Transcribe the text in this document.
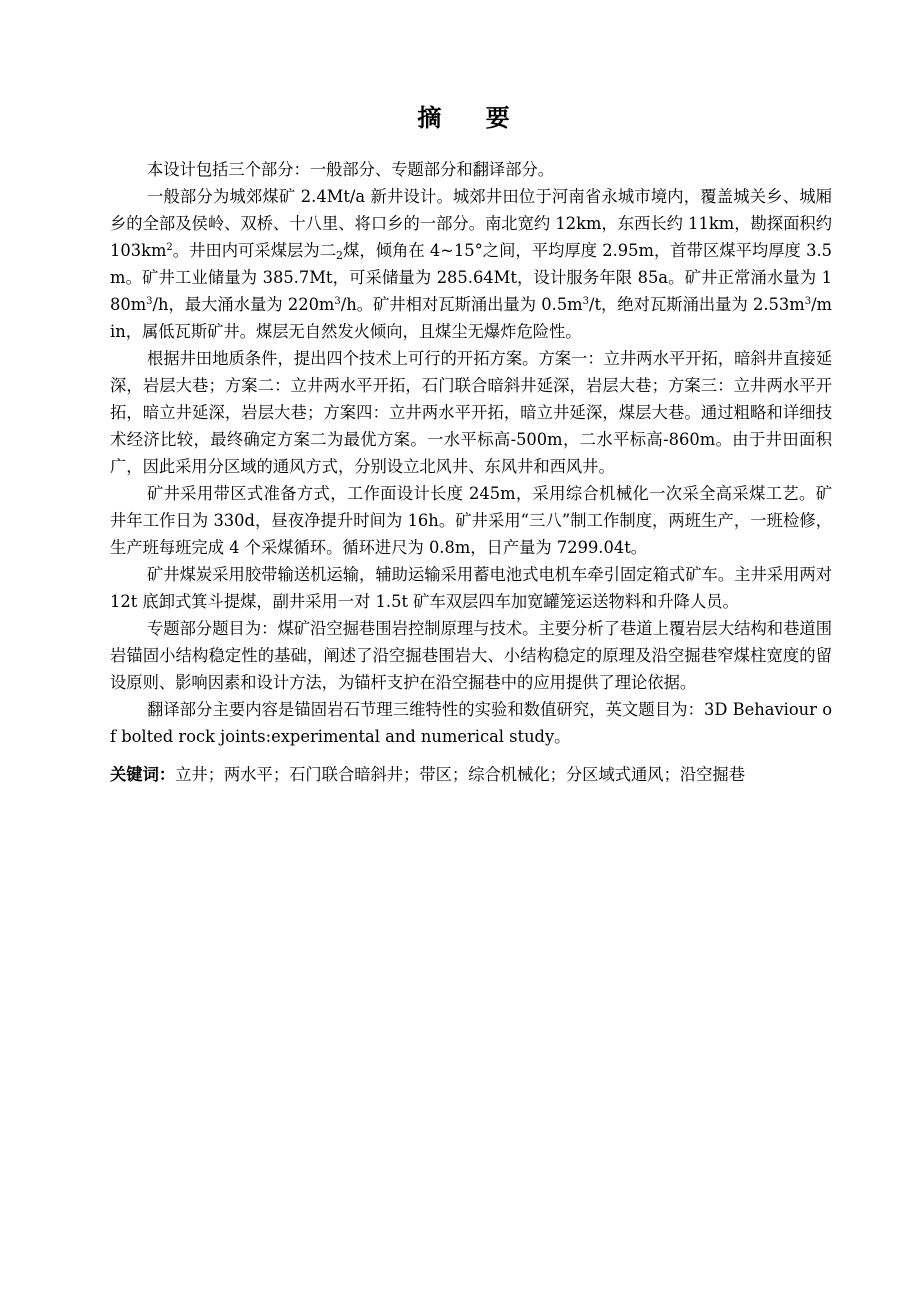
摘 要

本设计包括三个部分：一般部分、专题部分和翻译部分。

一般部分为城郊煤矿 2.4Mt/a 新井设计。城郊井田位于河南省永城市境内，覆盖城关乡、城厢乡的全部及侯岭、双桥、十八里、将口乡的一部分。南北宽约 12km，东西长约 11km，勘探面积约 $103km^2$。井田内可采煤层为二$_2$煤，倾角在 4~15°之间，平均厚度 2.95m，首带区煤平均厚度 3.5m。矿井工业储量为 385.7Mt，可采储量为 285.64Mt，设计服务年限 85a。矿井正常涌水量为 $180m^3/h$，最大涌水量为 $220m^3/h$。矿井相对瓦斯涌出量为 $0.5m^3/t$，绝对瓦斯涌出量为 $2.53m^3/\min$，属低瓦斯矿井。煤层无自然发火倾向，且煤尘无爆炸危险性。

根据井田地质条件，提出四个技术上可行的开拓方案。方案一：立井两水平开拓，暗斜井直接延深，岩层大巷；方案二：立井两水平开拓，石门联合暗斜井延深，岩层大巷；方案三：立井两水平开拓，暗立井延深，岩层大巷；方案四：立井两水平开拓，暗立井延深，煤层大巷。通过粗略和详细技术经济比较，最终确定方案二为最优方案。一水平标高-500m，二水平标高-860m。由于井田面积广，因此采用分区域的通风方式，分别设立北风井、东风井和西风井。

矿井采用带区式准备方式，工作面设计长度 245m，采用综合机械化一次采全高采煤工艺。矿井年工作日为 330d，昼夜净提升时间为 16h。矿井采用“三八”制工作制度，两班生产，一班检修，生产班每班完成 4 个采煤循环。循环进尺为 0.8m，日产量为 7299.04t。

矿井煤炭采用胶带输送机运输，辅助运输采用蓄电池式电机车牵引固定箱式矿车。主井采用两对 12t 底卸式箕斗提煤，副井采用一对 1.5t 矿车双层四车加宽罐笼运送物料和升降人员。

专题部分题目为：煤矿沿空掘巷围岩控制原理与技术。主要分析了巷道上覆岩层大结构和巷道围岩锚固小结构稳定性的基础，阐述了沿空掘巷围岩大、小结构稳定的原理及沿空掘巷窄煤柱宽度的留设原则、影响因素和设计方法，为锚杆支护在沿空掘巷中的应用提供了理论依据。

翻译部分主要内容是锚固岩石节理三维特性的实验和数值研究，英文题目为：3D Behaviour of bolted rock joints:experimental and numerical study。

关键词：立井；两水平；石门联合暗斜井；带区；综合机械化；分区域式通风；沿空掘巷
